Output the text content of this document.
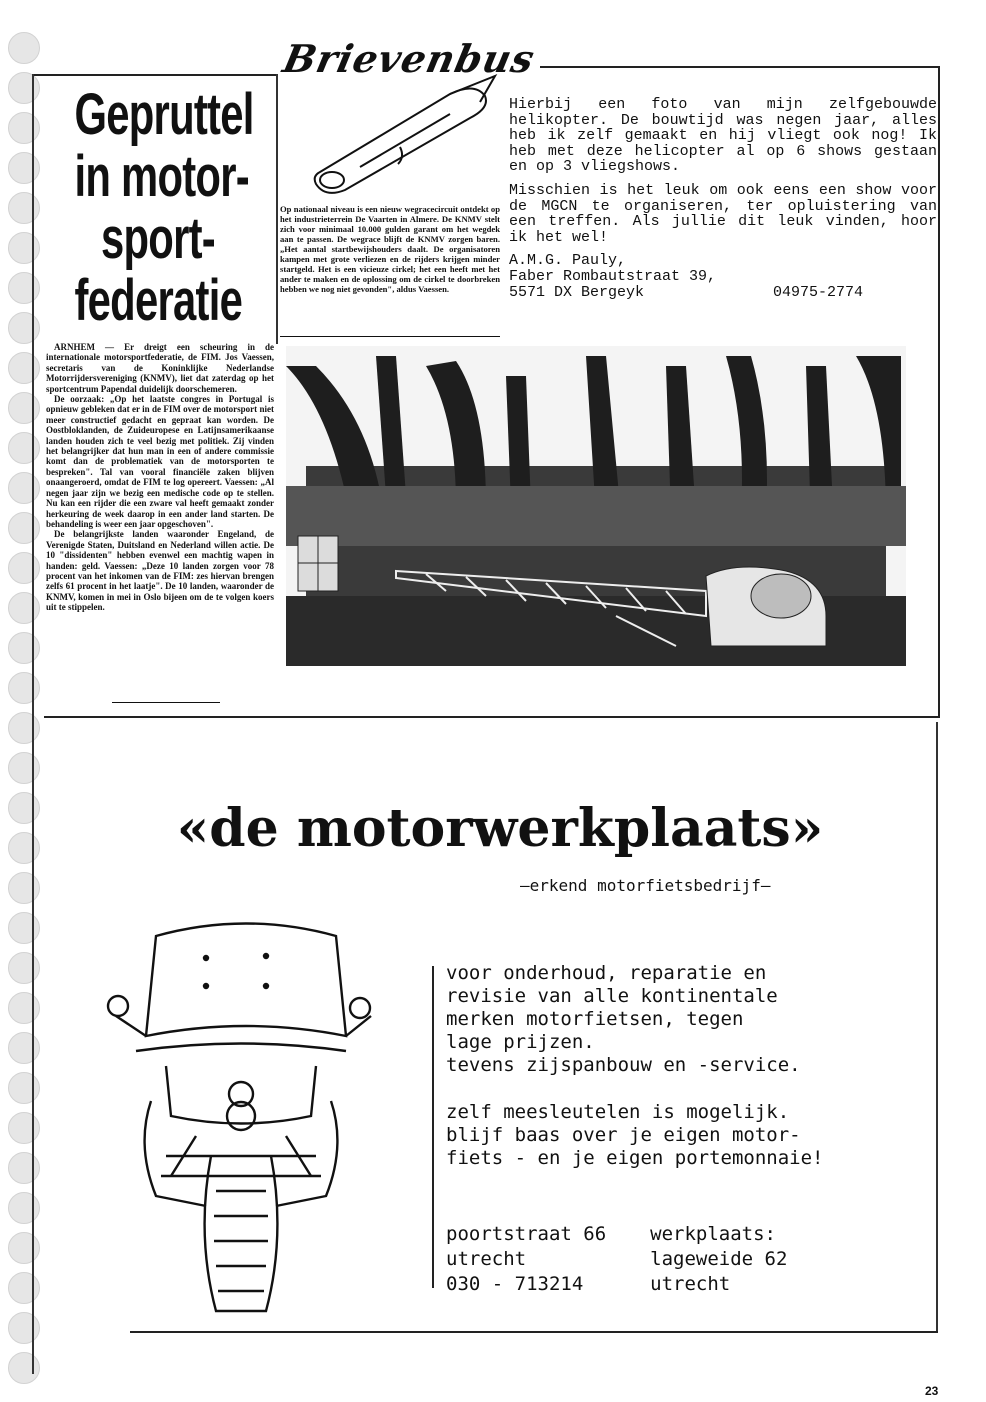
Gepruttel
in motor-
sport-
federatie

ARNHEM — Er dreigt een scheuring in de internationale motorsportfederatie, de FIM. Jos Vaessen, secretaris van de Koninklijke Nederlandse Motorrijdersvereniging (KNMV), liet dat zaterdag op het sportcentrum Papendal duidelijk doorschemeren.

De oorzaak: „Op het laatste congres in Portugal is opnieuw gebleken dat er in de FIM over de motorsport niet meer constructief gedacht en gepraat kan worden. De Oostbloklanden, de Zuideuropese en Latijnsamerikaanse landen houden zich te veel bezig met politiek. Zij vinden het belangrijker dat hun man in een of andere commissie komt dan de problematiek van de motorsporten te bespreken". Tal van vooral financiële zaken blijven onaangeroerd, omdat de FIM te log opereert. Vaessen: „Al negen jaar zijn we bezig een medische code op te stellen. Nu kan een rijder die een zware val heeft gemaakt zonder herkeuring de week daarop in een ander land starten. De behandeling is weer een jaar opgeschoven".

De belangrijkste landen waaronder Engeland, de Verenigde Staten, Duitsland en Nederland willen actie. De 10 "dissidenten" hebben evenwel een machtig wapen in handen: geld. Vaessen: „Deze 10 landen zorgen voor 78 procent van het inkomen van de FIM: zes hiervan brengen zelfs 61 procent in het laatje". De 10 landen, waaronder de KNMV, komen in mei in Oslo bijeen om de te volgen koers uit te stippelen.

Brievenbus
Op nationaal niveau is een nieuw wegracecircuit ontdekt op het industrieterrein De Vaarten in Almere. De KNMV stelt zich voor minimaal 10.000 gulden garant om het wegdek aan te passen. De wegrace blijft de KNMV zorgen baren. „Het aantal startbewijshouders daalt. De organisatoren kampen met grote verliezen en de rijders krijgen minder startgeld. Het is een vicieuze cirkel; het een heeft met het ander te maken en de oplossing om de cirkel te doorbreken hebben we nog niet gevonden", aldus Vaessen.
Hierbij een foto van mijn zelfgebouwde helikopter. De bouwtijd was negen jaar, alles heb ik zelf gemaakt en hij vliegt ook nog! Ik heb met deze helicopter al op 6 shows gestaan en op 3 vliegshows.
Misschien is het leuk om ook eens een show voor de MGCN te organiseren, ter opluistering van een treffen. Als jullie dit leuk vinden, hoor ik het wel!
A.M.G. Pauly,
Faber Rombautstraat 39,
5571 DX Bergeyk	04975-2774
«de motorwerkplaats»
—erkend motorfietsbedrijf—
voor onderhoud, reparatie en
revisie van alle kontinentale
merken motorfietsen, tegen
lage prijzen.
tevens zijspanbouw en -service.
zelf meesleutelen is mogelijk.
blijf baas over je eigen motor-
fiets - en je eigen portemonnaie!
poortstraat 66
utrecht
030 - 713214
werkplaats:
lageweide 62
utrecht
23
